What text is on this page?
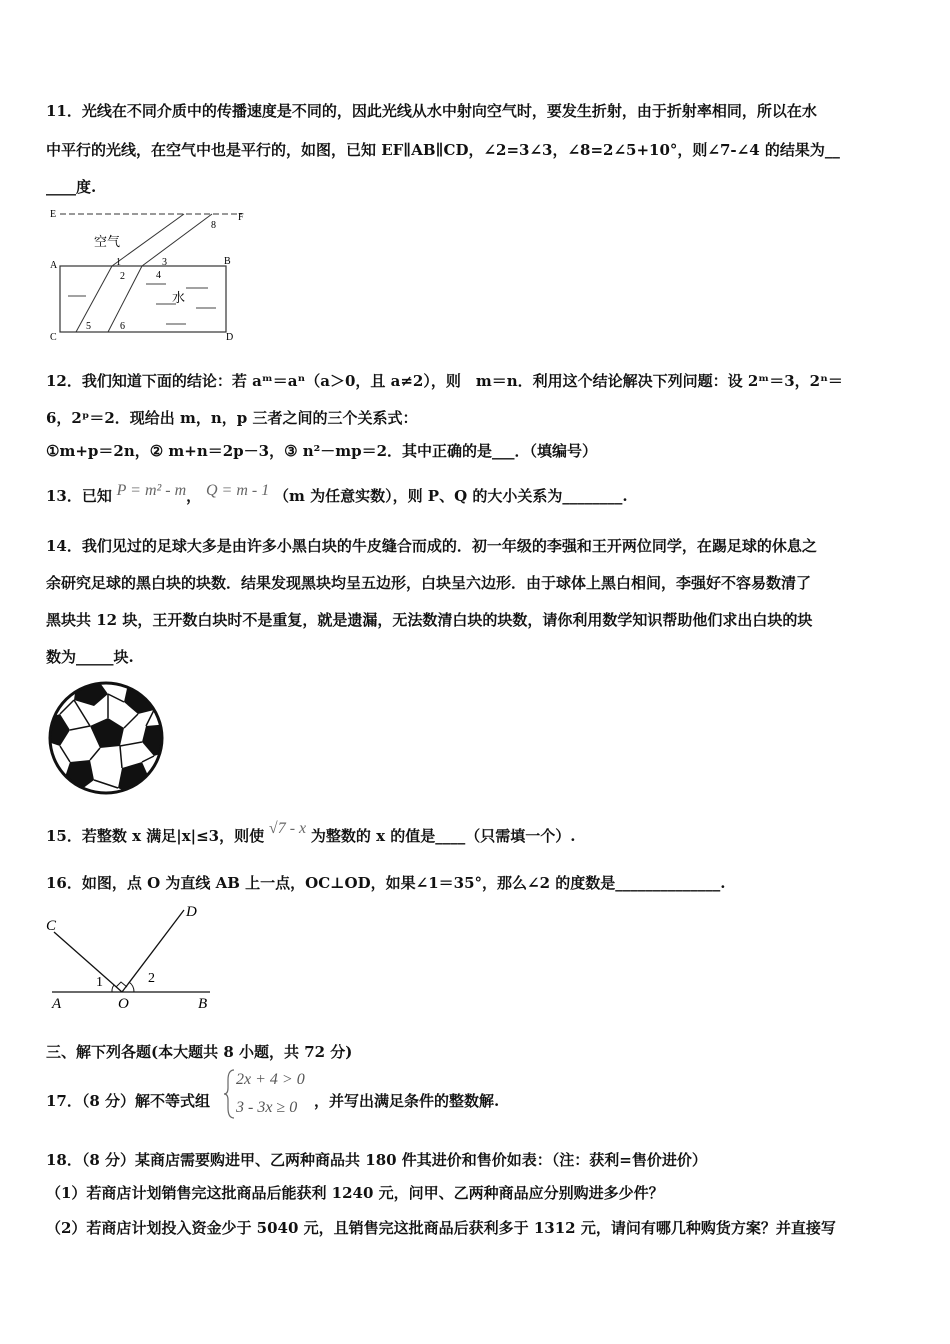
11．光线在不同介质中的传播速度是不同的，因此光线从水中射向空气时，要发生折射，由于折射率相同，所以在水
中平行的光线，在空气中也是平行的，如图，已知 EF∥AB∥CD，∠2=3∠3，∠8=2∠5+10°，则∠7-∠4 的结果为__
____度.
E	F
A	B
C	D
空气
水
1
2
3
4
5	6
8
12．我们知道下面的结论：若 aᵐ＝aⁿ（a＞0，且 a≠2），则　m＝n．利用这个结论解决下列问题：设 2ᵐ＝3，2ⁿ＝
6，2ᵖ＝2．现给出 m，n，p 三者之间的三个关系式：
①m+p＝2n，② m+n＝2p－3，③ n²－mp＝2．其中正确的是___．（填编号）
13．已知 P = m² - m， Q = m - 1 （m 为任意实数），则 P、Q 的大小关系为________.
14．我们见过的足球大多是由许多小黑白块的牛皮缝合而成的．初一年级的李强和王开两位同学，在踢足球的休息之
余研究足球的黑白块的块数．结果发现黑块均呈五边形，白块呈六边形．由于球体上黑白相间，李强好不容易数清了
黑块共 12 块，王开数白块时不是重复，就是遗漏，无法数清白块的块数，请你利用数学知识帮助他们求出白块的块
数为_____块.
15．若整数 x 满足|x|≤3，则使 √7 - x 为整数的 x 的值是____（只需填一个）.
16．如图，点 O 为直线 AB 上一点，OC⊥OD，如果∠1＝35°，那么∠2 的度数是______________.
C
D
A	O	B
1	2
三、解下列各题(本大题共 8 小题，共 72 分)
17．（8 分）解不等式组
2x + 4 > 0
3 - 3x ≥ 0 ，并写出满足条件的整数解.
18．（8 分）某商店需要购进甲、乙两种商品共 180 件其进价和售价如表：（注：获利=售价进价）
（1）若商店计划销售完这批商品后能获利 1240 元，问甲、乙两种商品应分别购进多少件？
（2）若商店计划投入资金少于 5040 元，且销售完这批商品后获利多于 1312 元，请问有哪几种购货方案？并直接写
